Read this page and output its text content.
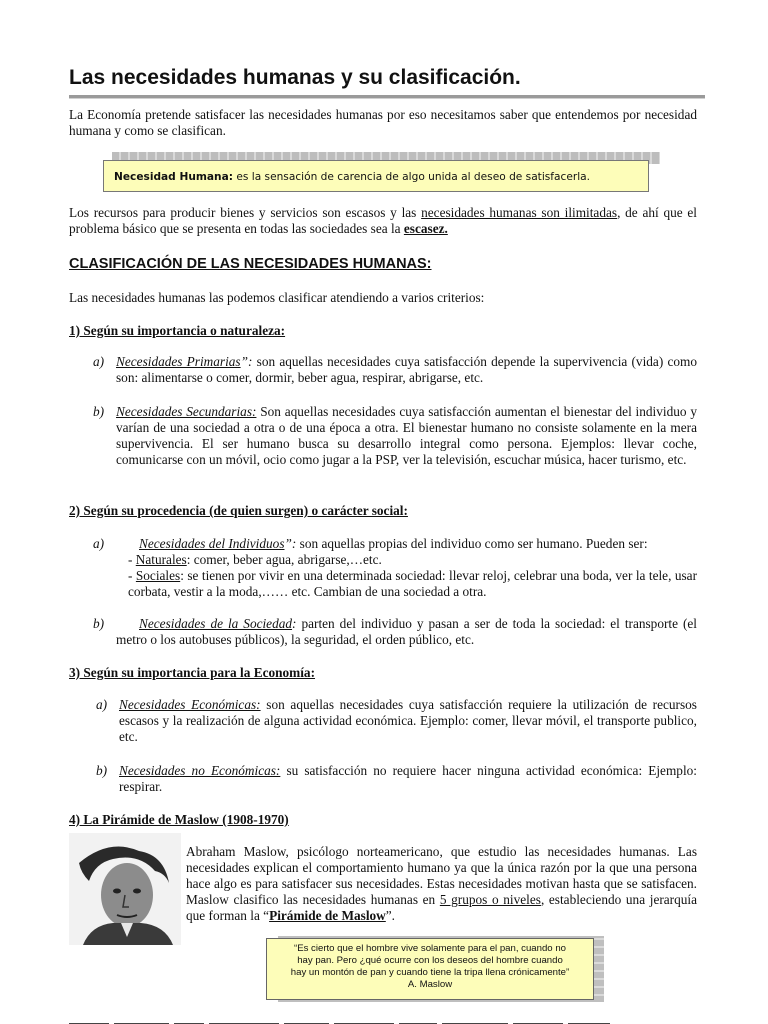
Las necesidades humanas y su clasificación.

La Economía pretende satisfacer las necesidades humanas por eso necesitamos saber que entendemos por necesidad humana y como se clasifican.

Necesidad Humana: es la sensación de carencia de algo unida al deseo de satisfacerla.

Los recursos para producir bienes y servicios son escasos y las necesidades humanas son ilimitadas, de ahí que el problema básico que se presenta en todas las sociedades sea la escasez.

CLASIFICACIÓN DE LAS NECESIDADES HUMANAS:

Las necesidades humanas las podemos clasificar atendiendo a varios criterios:

1) Según su importancia o naturaleza:

a) Necesidades Primarias”: son aquellas necesidades cuya satisfacción depende la supervivencia (vida) como son: alimentarse o comer, dormir, beber agua, respirar, abrigarse, etc.

b) Necesidades Secundarias: Son aquellas necesidades cuya satisfacción aumentan el bienestar del individuo y varían de una sociedad a otra o de una época a otra. El bienestar humano no consiste solamente en la mera supervivencia. El ser humano busca su desarrollo integral como persona. Ejemplos: llevar coche, comunicarse con un móvil, ocio como jugar a la PSP, ver la televisión, escuchar música, hacer turismo, etc.

2) Según su procedencia (de quien surgen) o carácter social:

a)	Necesidades del Individuos”: son aquellas propias del individuo como ser humano. Pueden ser:

- Naturales: comer, beber agua, abrigarse,…etc.

- Sociales: se tienen por vivir en una determinada sociedad: llevar reloj, celebrar una boda, ver la tele, usar corbata, vestir a la moda,…… etc. Cambian de una sociedad a otra.

b)	Necesidades de la Sociedad: parten del individuo y pasan a ser de toda la sociedad: el transporte (el metro o los autobuses públicos), la seguridad, el orden público, etc.

3) Según su importancia para la Economía:

a) Necesidades Económicas: son aquellas necesidades cuya satisfacción requiere la utilización de recursos escasos y la realización de alguna actividad económica. Ejemplo: comer, llevar móvil, el transporte publico, etc.

b) Necesidades no Económicas: su satisfacción no requiere hacer ninguna actividad económica: Ejemplo: respirar.

4) La Pirámide de Maslow (1908-1970)

Abraham Maslow, psicólogo norteamericano, que estudio las necesidades humanas. Las necesidades explican el comportamiento humano ya que la única razón por la que una persona hace algo es para satisfacer sus necesidades. Estas necesidades motivan hasta que se satisfacen. Maslow clasifico las necesidades humanas en 5 grupos o niveles, estableciendo una jerarquía que forman la “Pirámide de Maslow”.

“Es cierto que el hombre vive solamente para el pan, cuando no
hay pan. Pero ¿qué ocurre con los deseos del hombre cuando
hay un montón de pan y cuando tiene la tripa llena crónicamente”
A. Maslow
